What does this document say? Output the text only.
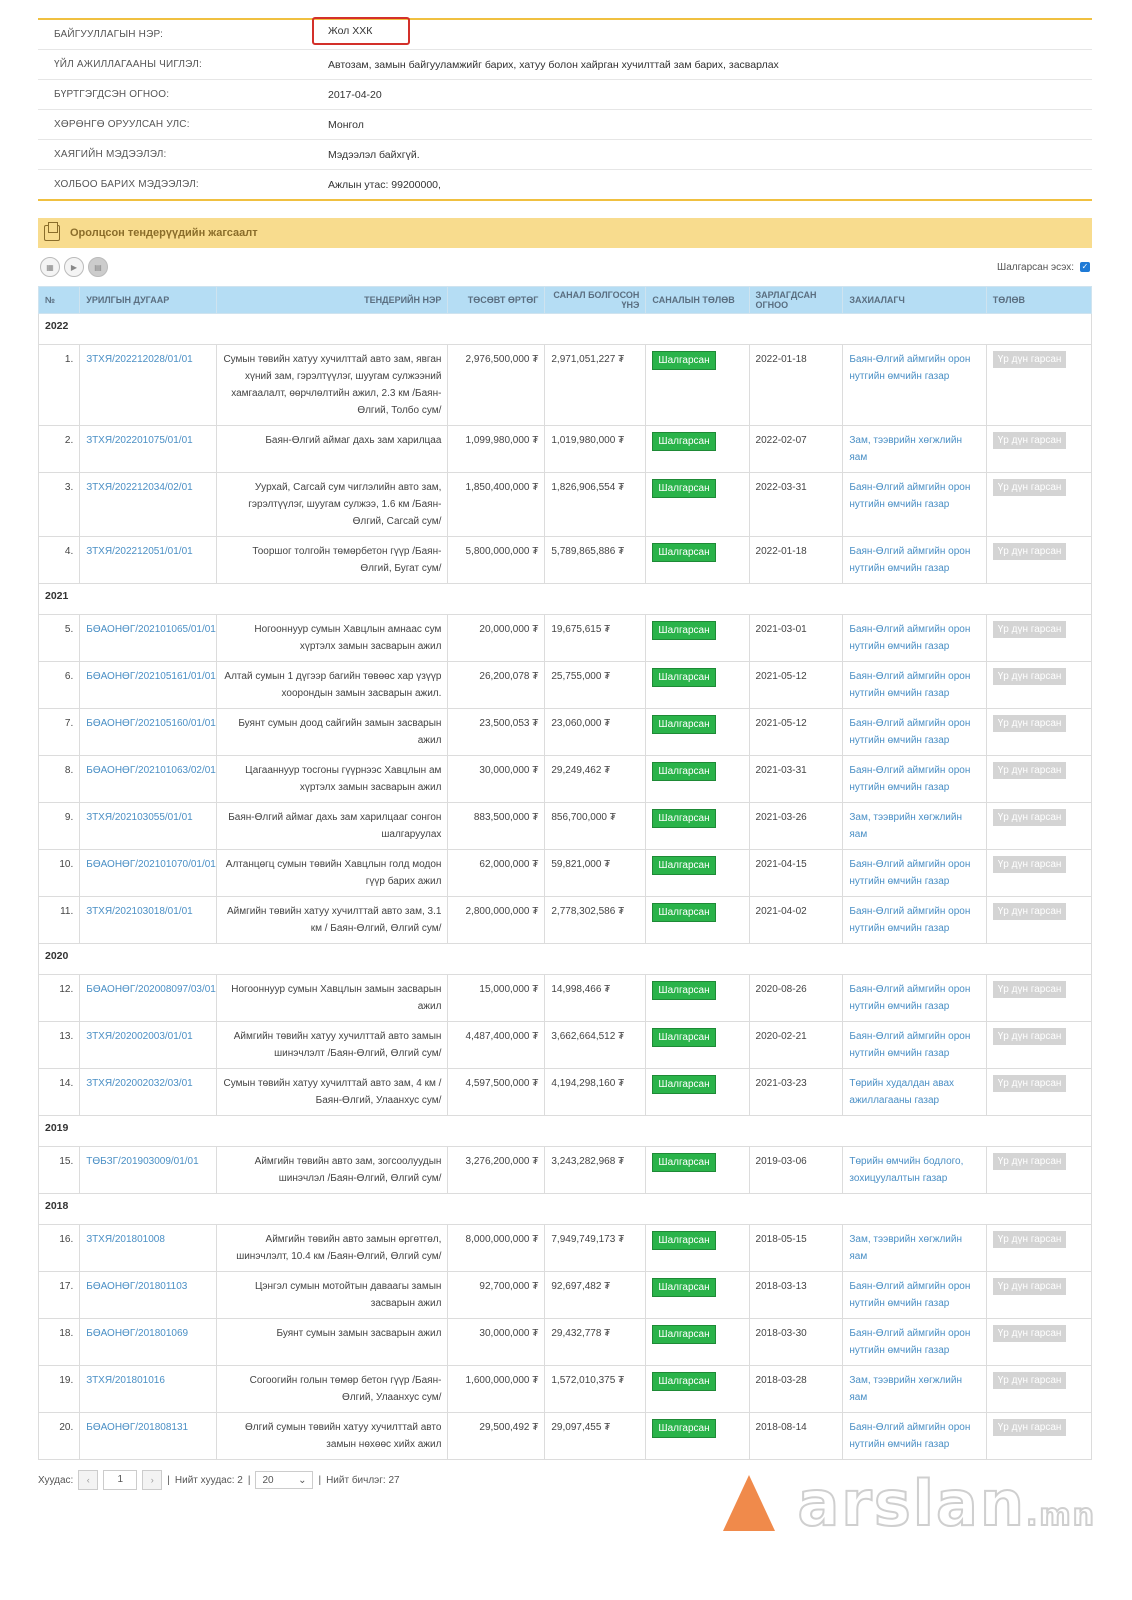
БАЙГУУЛЛАГЫН НЭР:	Жол ХХК
ҮЙЛ АЖИЛЛАГААНЫ ЧИГЛЭЛ:	Автозам, замын байгууламжийг барих, хатуу болон хайрган хучилттай зам барих, засварлах
БҮРТГЭГДСЭН ОГНОО:	2017-04-20
ХӨРӨНГӨ ОРУУЛСАН УЛС:	Монгол
ХАЯГИЙН МЭДЭЭЛЭЛ:	Мэдээлэл байхгүй.
ХОЛБОО БАРИХ МЭДЭЭЛЭЛ:	Ажлын утас: 99200000,
Оролцсон тендерүүдийн жагсаалт
▦	▶	▤	Шалгарсан эсэх: ✓
№	УРИЛГЫН ДУГААР	ТЕНДЕРИЙН НЭР	ТӨСӨВТ ӨРТӨГ	САНАЛ БОЛГОСОН ҮНЭ	САНАЛЫН ТӨЛӨВ	ЗАРЛАГДСАН ОГНОО	ЗАХИАЛАГЧ	ТӨЛӨВ
2022								
1.	ЗТХЯ/202212028/01/01	Сумын төвийн хатуу хучилттай авто зам, явган хүний зам, гэрэлтүүлэг, шуугам сулжээний хамгаалалт, өөрчлөлтийн ажил, 2.3 км /Баян-Өлгий, Толбо сум/	2,976,500,000 ₮	2,971,051,227 ₮	Шалгарсан	2022-01-18	Баян-Өлгий аймгийн орон нутгийн өмчийн газар	Үр дүн гарсан
2.	ЗТХЯ/202201075/01/01	Баян-Өлгий аймаг дахь зам харилцаа	1,099,980,000 ₮	1,019,980,000 ₮	Шалгарсан	2022-02-07	Зам, тээврийн хөгжлийн яам	Үр дүн гарсан
3.	ЗТХЯ/202212034/02/01	Уурхай, Сагсай сум чиглэлийн авто зам, гэрэлтүүлэг, шуугам сулжээ, 1.6 км /Баян-Өлгий, Сагсай сум/	1,850,400,000 ₮	1,826,906,554 ₮	Шалгарсан	2022-03-31	Баян-Өлгий аймгийн орон нутгийн өмчийн газар	Үр дүн гарсан
4.	ЗТХЯ/202212051/01/01	Тооршог толгойн төмөрбетон гүүр /Баян-Өлгий, Бугат сум/	5,800,000,000 ₮	5,789,865,886 ₮	Шалгарсан	2022-01-18	Баян-Өлгий аймгийн орон нутгийн өмчийн газар	Үр дүн гарсан
2021								
5.	БӨАОНӨГ/202101065/01/01	Ногооннуур сумын Хавцлын амнаас сум хүртэлх замын засварын ажил	20,000,000 ₮	19,675,615 ₮	Шалгарсан	2021-03-01	Баян-Өлгий аймгийн орон нутгийн өмчийн газар	Үр дүн гарсан
6.	БӨАОНӨГ/202105161/01/01	Алтай сумын 1 дүгээр багийн төвөөс хар үзүүр хоорондын замын засварын ажил.	26,200,078 ₮	25,755,000 ₮	Шалгарсан	2021-05-12	Баян-Өлгий аймгийн орон нутгийн өмчийн газар	Үр дүн гарсан
7.	БӨАОНӨГ/202105160/01/01	Буянт сумын доод сайгийн замын засварын ажил	23,500,053 ₮	23,060,000 ₮	Шалгарсан	2021-05-12	Баян-Өлгий аймгийн орон нутгийн өмчийн газар	Үр дүн гарсан
8.	БӨАОНӨГ/202101063/02/01	Цагааннуур тосгоны гүүрнээс Хавцлын ам хүртэлх замын засварын ажил	30,000,000 ₮	29,249,462 ₮	Шалгарсан	2021-03-31	Баян-Өлгий аймгийн орон нутгийн өмчийн газар	Үр дүн гарсан
9.	ЗТХЯ/202103055/01/01	Баян-Өлгий аймаг дахь зам харилцааг сонгон шалгаруулах	883,500,000 ₮	856,700,000 ₮	Шалгарсан	2021-03-26	Зам, тээврийн хөгжлийн яам	Үр дүн гарсан
10.	БӨАОНӨГ/202101070/01/01	Алтанцөгц сумын төвийн Хавцлын голд модон гүүр барих ажил	62,000,000 ₮	59,821,000 ₮	Шалгарсан	2021-04-15	Баян-Өлгий аймгийн орон нутгийн өмчийн газар	Үр дүн гарсан
11.	ЗТХЯ/202103018/01/01	Аймгийн төвийн хатуу хучилттай авто зам, 3.1 км / Баян-Өлгий, Өлгий сум/	2,800,000,000 ₮	2,778,302,586 ₮	Шалгарсан	2021-04-02	Баян-Өлгий аймгийн орон нутгийн өмчийн газар	Үр дүн гарсан
2020								
12.	БӨАОНӨГ/202008097/03/01	Ногооннуур сумын Хавцлын замын засварын ажил	15,000,000 ₮	14,998,466 ₮	Шалгарсан	2020-08-26	Баян-Өлгий аймгийн орон нутгийн өмчийн газар	Үр дүн гарсан
13.	ЗТХЯ/202002003/01/01	Аймгийн төвийн хатуу хучилттай авто замын шинэчлэлт /Баян-Өлгий, Өлгий сум/	4,487,400,000 ₮	3,662,664,512 ₮	Шалгарсан	2020-02-21	Баян-Өлгий аймгийн орон нутгийн өмчийн газар	Үр дүн гарсан
14.	ЗТХЯ/202002032/03/01	Сумын төвийн хатуу хучилттай авто зам, 4 км / Баян-Өлгий, Улаанхус сум/	4,597,500,000 ₮	4,194,298,160 ₮	Шалгарсан	2021-03-23	Төрийн худалдан авах ажиллагааны газар	Үр дүн гарсан
2019								
15.	ТӨБЗГ/201903009/01/01	Аймгийн төвийн авто зам, зогсоолуудын шинэчлэл /Баян-Өлгий, Өлгий сум/	3,276,200,000 ₮	3,243,282,968 ₮	Шалгарсан	2019-03-06	Төрийн өмчийн бодлого, зохицуулалтын газар	Үр дүн гарсан
2018								
16.	ЗТХЯ/201801008	Аймгийн төвийн авто замын өргөтгөл, шинэчлэлт, 10.4 км /Баян-Өлгий, Өлгий сум/	8,000,000,000 ₮	7,949,749,173 ₮	Шалгарсан	2018-05-15	Зам, тээврийн хөгжлийн яам	Үр дүн гарсан
17.	БӨАОНӨГ/201801103	Цэнгэл сумын мотойтын даваагы замын засварын ажил	92,700,000 ₮	92,697,482 ₮	Шалгарсан	2018-03-13	Баян-Өлгий аймгийн орон нутгийн өмчийн газар	Үр дүн гарсан
18.	БӨАОНӨГ/201801069	Буянт сумын замын засварын ажил	30,000,000 ₮	29,432,778 ₮	Шалгарсан	2018-03-30	Баян-Өлгий аймгийн орон нутгийн өмчийн газар	Үр дүн гарсан
19.	ЗТХЯ/201801016	Согоогийн голын төмөр бетон гүүр /Баян-Өлгий, Улаанхус сум/	1,600,000,000 ₮	1,572,010,375 ₮	Шалгарсан	2018-03-28	Зам, тээврийн хөгжлийн яам	Үр дүн гарсан
20.	БӨАОНӨГ/201808131	Өлгий сумын төвийн хатуу хучилттай авто замын нөхөөс хийх ажил	29,500,492 ₮	29,097,455 ₮	Шалгарсан	2018-08-14	Баян-Өлгий аймгийн орон нутгийн өмчийн газар	Үр дүн гарсан
Хуудас:	‹	1	›	| Нийт хуудас: 2 | 20 ⌄ | Нийт бичлэг: 27	arslan.mn
